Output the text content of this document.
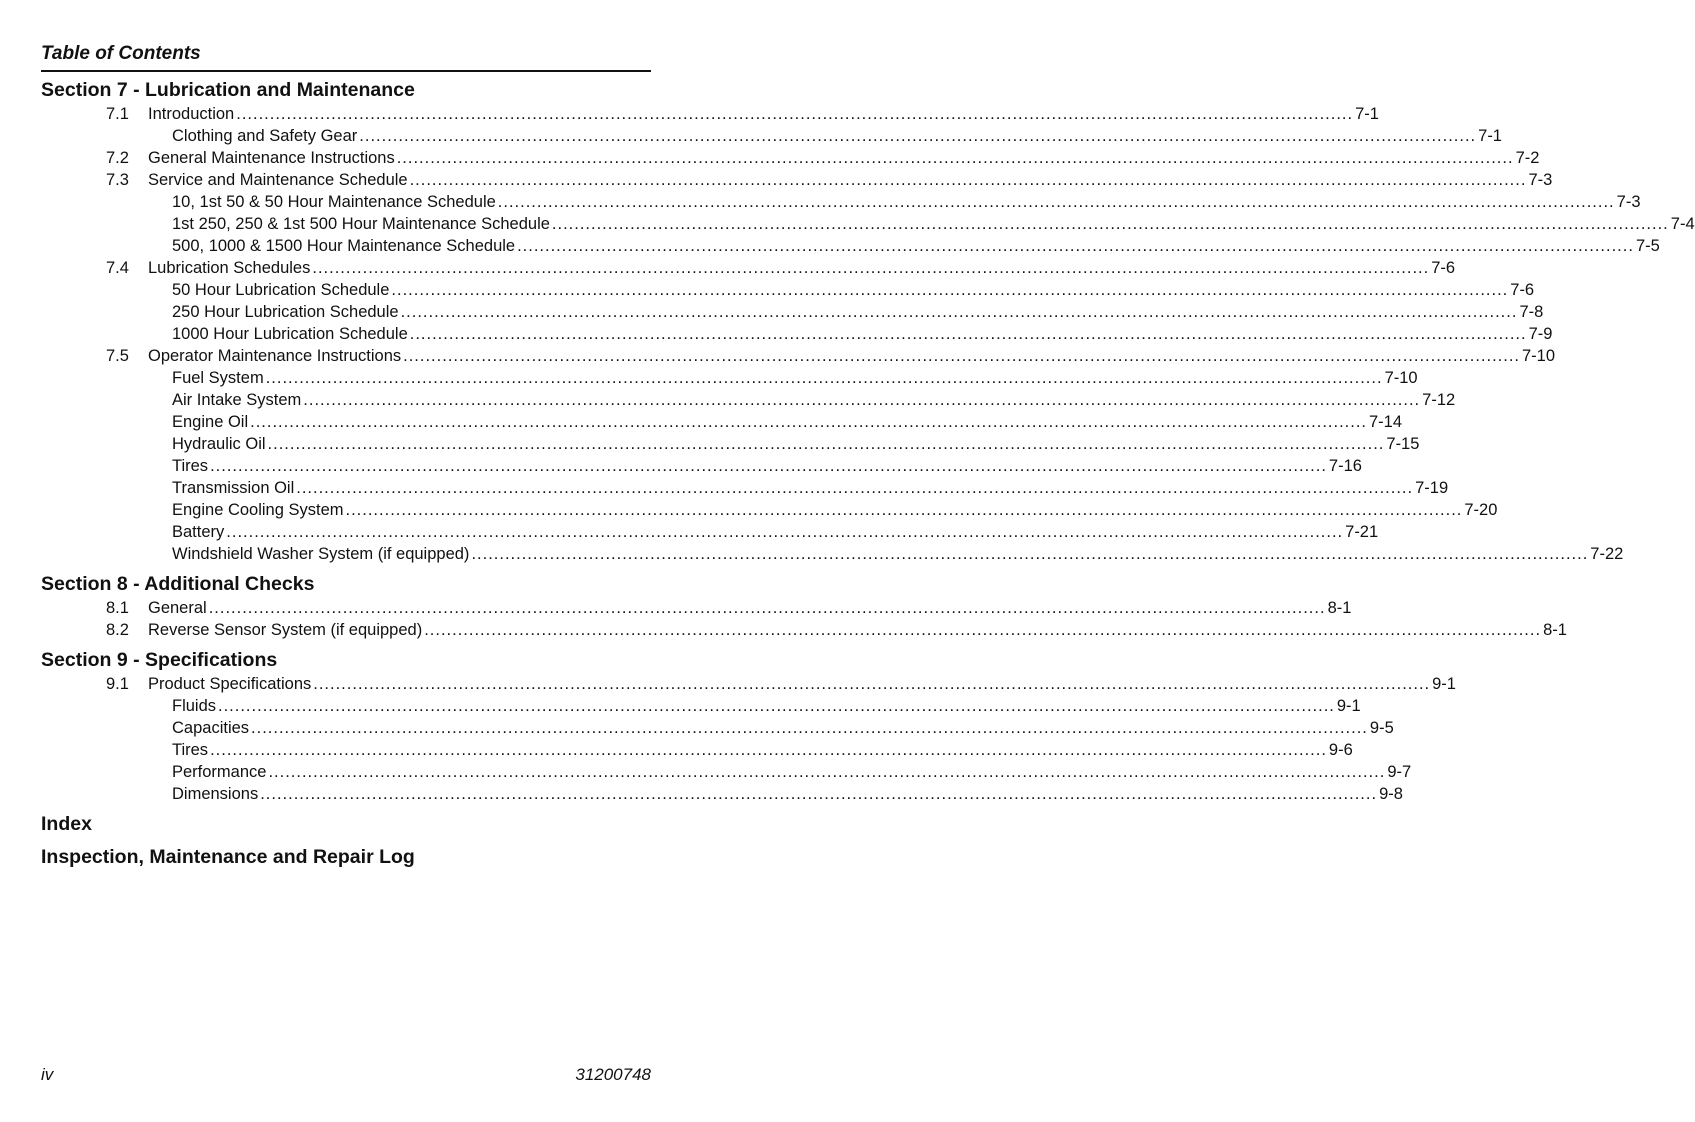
Table of Contents
Section 7 - Lubrication and Maintenance
7.1 Introduction ........................................................................................................................................................................................................ 7-1
Clothing and Safety Gear ........................................................................................................................................................................................................ 7-1
7.2 General Maintenance Instructions ........................................................................................................................................................................................................ 7-2
7.3 Service and Maintenance Schedule ........................................................................................................................................................................................................ 7-3
10, 1st 50 & 50 Hour Maintenance Schedule ........................................................................................................................................................................................................ 7-3
1st 250, 250 & 1st 500 Hour Maintenance Schedule ........................................................................................................................................................................................................ 7-4
500, 1000 & 1500 Hour Maintenance Schedule ........................................................................................................................................................................................................ 7-5
7.4 Lubrication Schedules ........................................................................................................................................................................................................ 7-6
50 Hour Lubrication Schedule ........................................................................................................................................................................................................ 7-6
250 Hour Lubrication Schedule ........................................................................................................................................................................................................ 7-8
1000 Hour Lubrication Schedule ........................................................................................................................................................................................................ 7-9
7.5 Operator Maintenance Instructions ........................................................................................................................................................................................................ 7-10
Fuel System ........................................................................................................................................................................................................ 7-10
Air Intake System ........................................................................................................................................................................................................ 7-12
Engine Oil ........................................................................................................................................................................................................ 7-14
Hydraulic Oil ........................................................................................................................................................................................................ 7-15
Tires ........................................................................................................................................................................................................ 7-16
Transmission Oil ........................................................................................................................................................................................................ 7-19
Engine Cooling System ........................................................................................................................................................................................................ 7-20
Battery ........................................................................................................................................................................................................ 7-21
Windshield Washer System (if equipped) ........................................................................................................................................................................................................ 7-22
Section 8 - Additional Checks
8.1 General ........................................................................................................................................................................................................ 8-1
8.2 Reverse Sensor System (if equipped) ........................................................................................................................................................................................................ 8-1
Section 9 - Specifications
9.1 Product Specifications ........................................................................................................................................................................................................ 9-1
Fluids ........................................................................................................................................................................................................ 9-1
Capacities ........................................................................................................................................................................................................ 9-5
Tires ........................................................................................................................................................................................................ 9-6
Performance ........................................................................................................................................................................................................ 9-7
Dimensions ........................................................................................................................................................................................................ 9-8
Index
Inspection, Maintenance and Repair Log
iv	31200748
